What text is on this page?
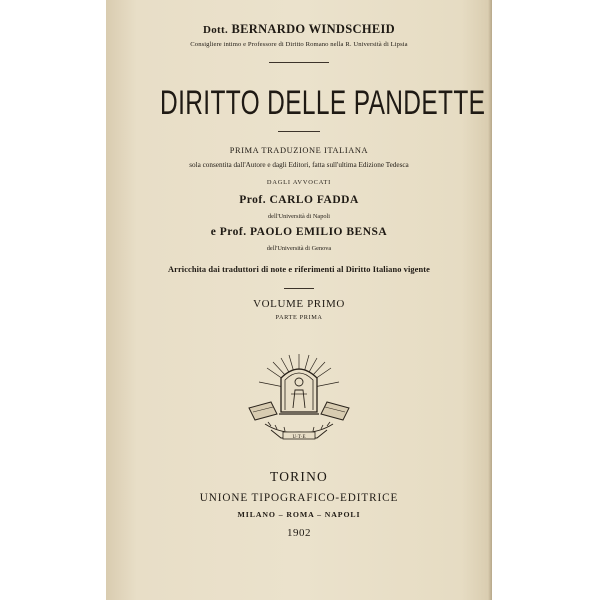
Dott. BERNARDO WINDSCHEID
Consigliere intimo e Professore di Diritto Romano nella R. Università di Lipsia
DIRITTO DELLE PANDETTE
PRIMA TRADUZIONE ITALIANA
sola consentita dall'Autore e dagli Editori, fatta sull'ultima Edizione Tedesca
DAGLI AVVOCATI
Prof. CARLO FADDA
dell'Università di Napoli
e Prof. PAOLO EMILIO BENSA
dell'Università di Genova
Arricchita dai traduttori di note e riferimenti al Diritto Italiano vigente
VOLUME PRIMO
PARTE PRIMA
U·T·E
TORINO
UNIONE TIPOGRAFICO-EDITRICE
MILANO – ROMA – NAPOLI
1902
